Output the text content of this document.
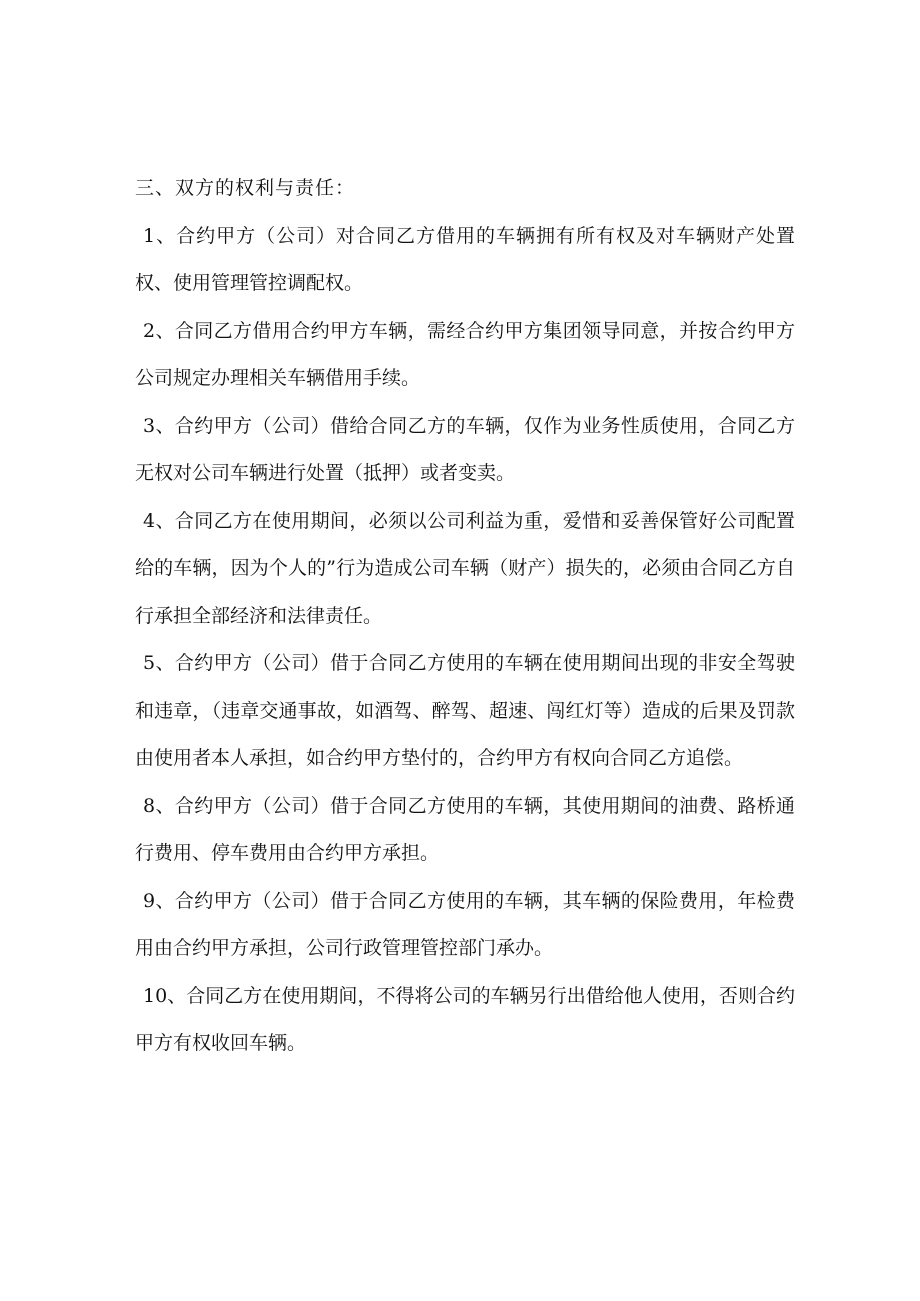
三、双方的权利与责任：

1、合约甲方（公司）对合同乙方借用的车辆拥有所有权及对车辆财产处置权、使用管理管控调配权。

2、合同乙方借用合约甲方车辆，需经合约甲方集团领导同意，并按合约甲方公司规定办理相关车辆借用手续。

3、合约甲方（公司）借给合同乙方的车辆，仅作为业务性质使用，合同乙方无权对公司车辆进行处置（抵押）或者变卖。

4、合同乙方在使用期间，必须以公司利益为重，爱惜和妥善保管好公司配置给的车辆，因为个人的”行为造成公司车辆（财产）损失的，必须由合同乙方自行承担全部经济和法律责任。

5、合约甲方（公司）借于合同乙方使用的车辆在使用期间出现的非安全驾驶和违章，（违章交通事故，如酒驾、醉驾、超速、闯红灯等）造成的后果及罚款由使用者本人承担，如合约甲方垫付的，合约甲方有权向合同乙方追偿。

8、合约甲方（公司）借于合同乙方使用的车辆，其使用期间的油费、路桥通行费用、停车费用由合约甲方承担。

9、合约甲方（公司）借于合同乙方使用的车辆，其车辆的保险费用，年检费用由合约甲方承担，公司行政管理管控部门承办。

10、合同乙方在使用期间，不得将公司的车辆另行出借给他人使用，否则合约甲方有权收回车辆。
